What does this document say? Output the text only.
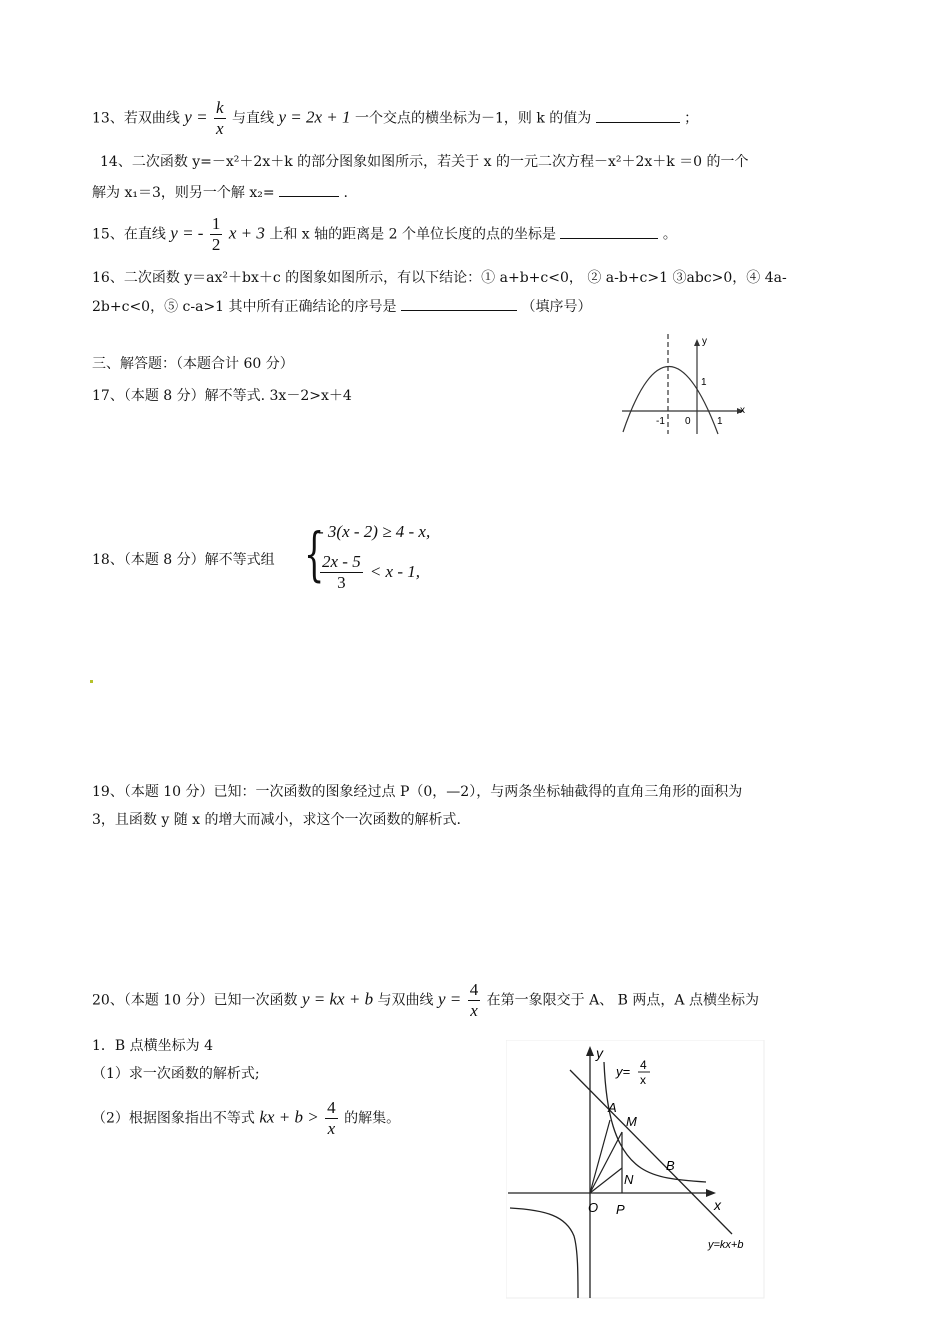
13、若双曲线 $y = \frac{k}{x}$ 与直线 y = 2x + 1 一个交点的横坐标为－1，则 k 的值为	；
14、二次函数 y=－x²＋2x＋k 的部分图象如图所示，若关于 x 的一元二次方程－x²＋2x＋k ＝0 的一个
解为 x₁＝3，则另一个解 x₂=	.
15、在直线 y = - $\frac{1}{2}$ x + 3 上和 x 轴的距离是 2 个单位长度的点的坐标是	。
16、二次函数 y＝ax²＋bx＋c 的图象如图所示，有以下结论：① a+b+c<0， ② a-b+c>1 ③abc>0，④ 4a-
2b+c<0，⑤ c-a>1 其中所有正确结论的序号是	（填序号）
三、解答题：（本题合计 60 分）
17、（本题 8 分）解不等式. 3x－2>x＋4
y
x
1
-1 0	1
18、（本题 8 分）解不等式组 {
- 3(x - 2) ≥ 4 - x,
$\frac{2x - 5}{3} < x - 1$,
19、（本题 10 分）已知：一次函数的图象经过点 P（0，—2），与两条坐标轴截得的直角三角形的面积为
3，且函数 y 随 x 的增大而减小，求这个一次函数的解析式.
20、（本题 10 分）已知一次函数 y = kx + b 与双曲线 $y = \frac{4}{x}$ 在第一象限交于 A、 B 两点，A 点横坐标为
1．B 点横坐标为 4
（1）求一次函数的解析式;
（2）根据图象指出不等式 kx + $b > \frac{4}{x}$ 的解集。
y
x
y= 4
x
A
M
B
N
O P
y=kx+b
